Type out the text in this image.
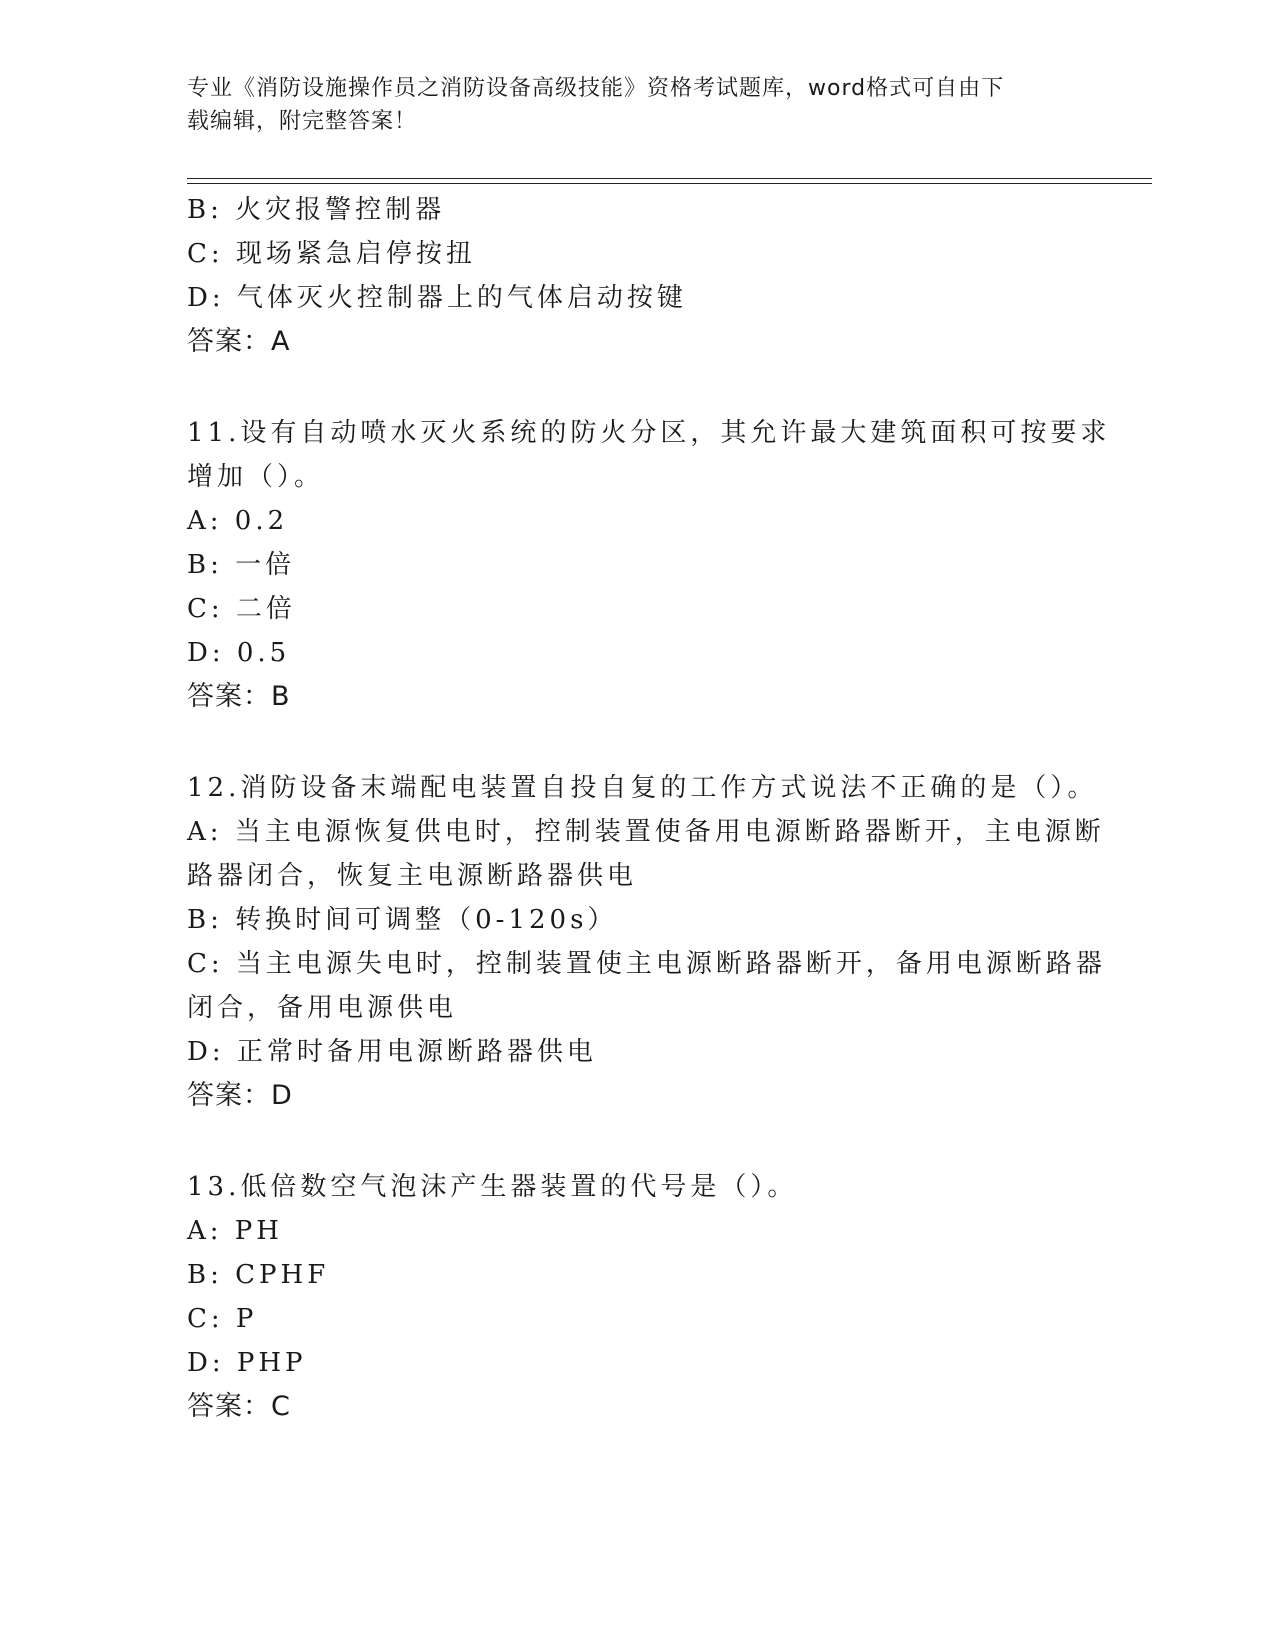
专业《消防设施操作员之消防设备高级技能》资格考试题库，word格式可自由下
载编辑，附完整答案！
B: 火灾报警控制器
C: 现场紧急启停按扭
D: 气体灭火控制器上的气体启动按键
答案：A
11.设有自动喷水灭火系统的防火分区，其允许最大建筑面积可按要求
增加（）。
A: 0.2
B: 一倍
C: 二倍
D: 0.5
答案：B
12.消防设备末端配电装置自投自复的工作方式说法不正确的是（）。
A: 当主电源恢复供电时，控制装置使备用电源断路器断开，主电源断
路器闭合，恢复主电源断路器供电
B: 转换时间可调整（0-120s）
C: 当主电源失电时，控制装置使主电源断路器断开，备用电源断路器
闭合，备用电源供电
D: 正常时备用电源断路器供电
答案：D
13.低倍数空气泡沫产生器装置的代号是（）。
A: PH
B: CPHF
C: P
D: PHP
答案：C
